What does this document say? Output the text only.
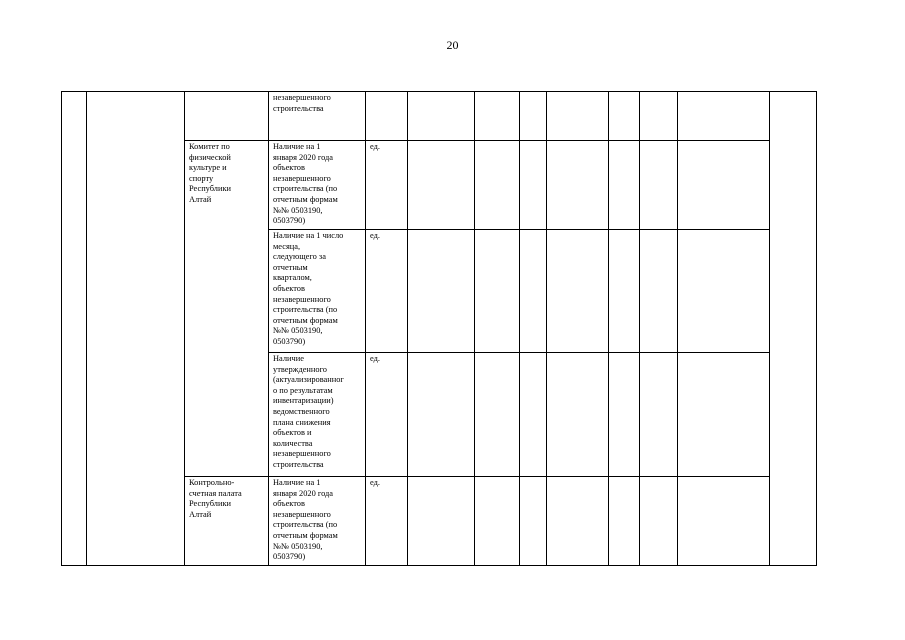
20
незавершенного
строительства
Комитет по
физической
культуре и
спорту
Республики
Алтай
Наличие на 1
января 2020 года
объектов
незавершенного
строительства (по
отчетным формам
№№ 0503190,
0503790)
ед.
Наличие на 1 число
месяца,
следующего за
отчетным
кварталом,
объектов
незавершенного
строительства (по
отчетным формам
№№ 0503190,
0503790)
ед.
Наличие
утвержденного
(актуализированног
о по результатам
инвентаризации)
ведомственного
плана снижения
объектов и
количества
незавершенного
строительства
ед.
Контрольно-
счетная палата
Республики
Алтай
Наличие на 1
января 2020 года
объектов
незавершенного
строительства (по
отчетным формам
№№ 0503190,
0503790)
ед.
